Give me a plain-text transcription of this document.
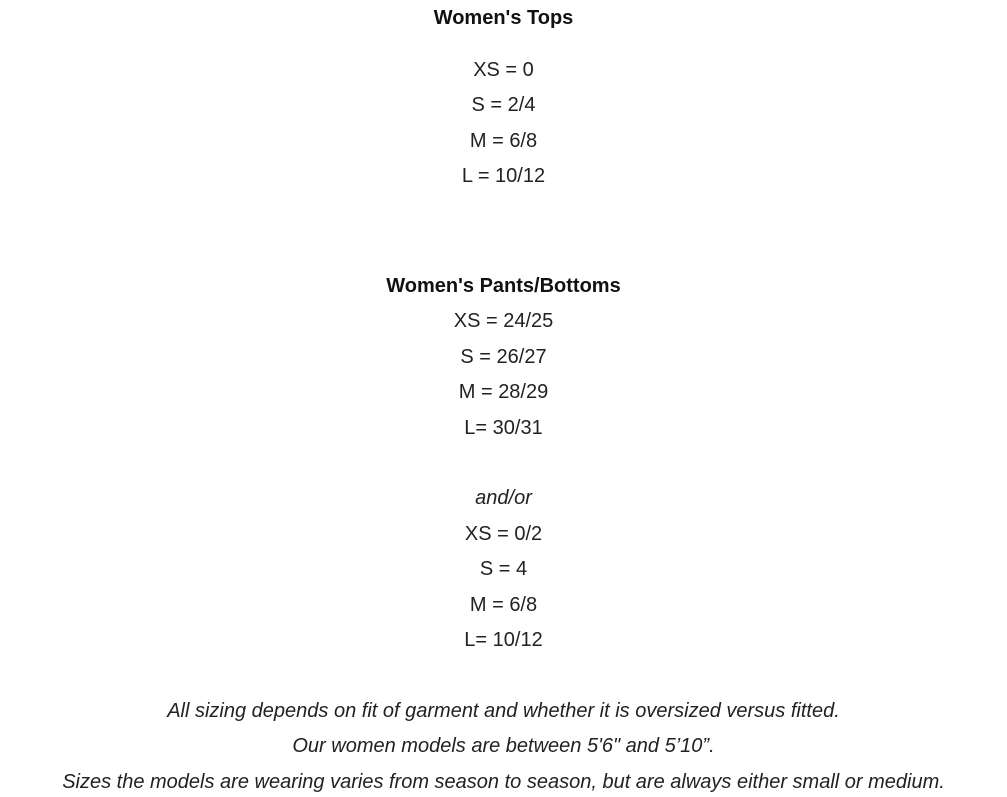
Women's Tops
XS = 0
S = 2/4
M = 6/8
L = 10/12
Women's Pants/Bottoms
XS = 24/25
S = 26/27
M = 28/29
L= 30/31
and/or
XS = 0/2
S = 4
M = 6/8
L= 10/12
All sizing depends on fit of garment and whether it is oversized versus fitted.
Our women models are between 5'6" and 5’10”.
Sizes the models are wearing varies from season to season, but are always either small or medium.
